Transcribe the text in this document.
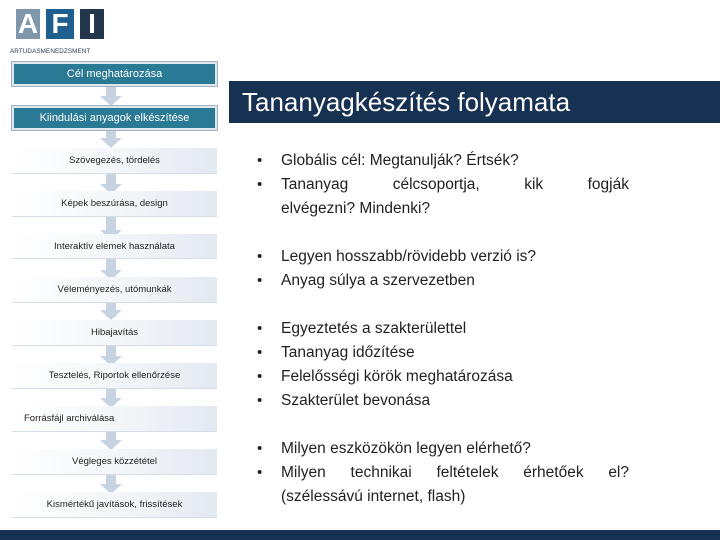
A F I
ARTUDASMENEDZSMENT
Tananyagkészítés folyamata
Cél meghatározása
Kiindulási anyagok elkészítése
Szövegezés, tördelés
Képek beszúrása, design
Interaktív elemek használata
Véleményezés, utómunkák
Hibajavítás
Tesztelés, Riportok ellenőrzése
Forrásfájl archiválása
Végleges közzététel
Kismértékű javítások, frissítések
•	Globális cél: Megtanulják? Értsék?
•	Tananyag célcsoportja, kik fogják
elvégezni? Mindenki?
•	Legyen hosszabb/rövidebb verzió is?
•	Anyag súlya a szervezetben
•	Egyeztetés a szakterülettel
•	Tananyag időzítése
•	Felelősségi körök meghatározása
•	Szakterület bevonása
•	Milyen eszközökön legyen elérhető?
•	Milyen technikai feltételek érhetőek el?
(szélessávú internet, flash)
